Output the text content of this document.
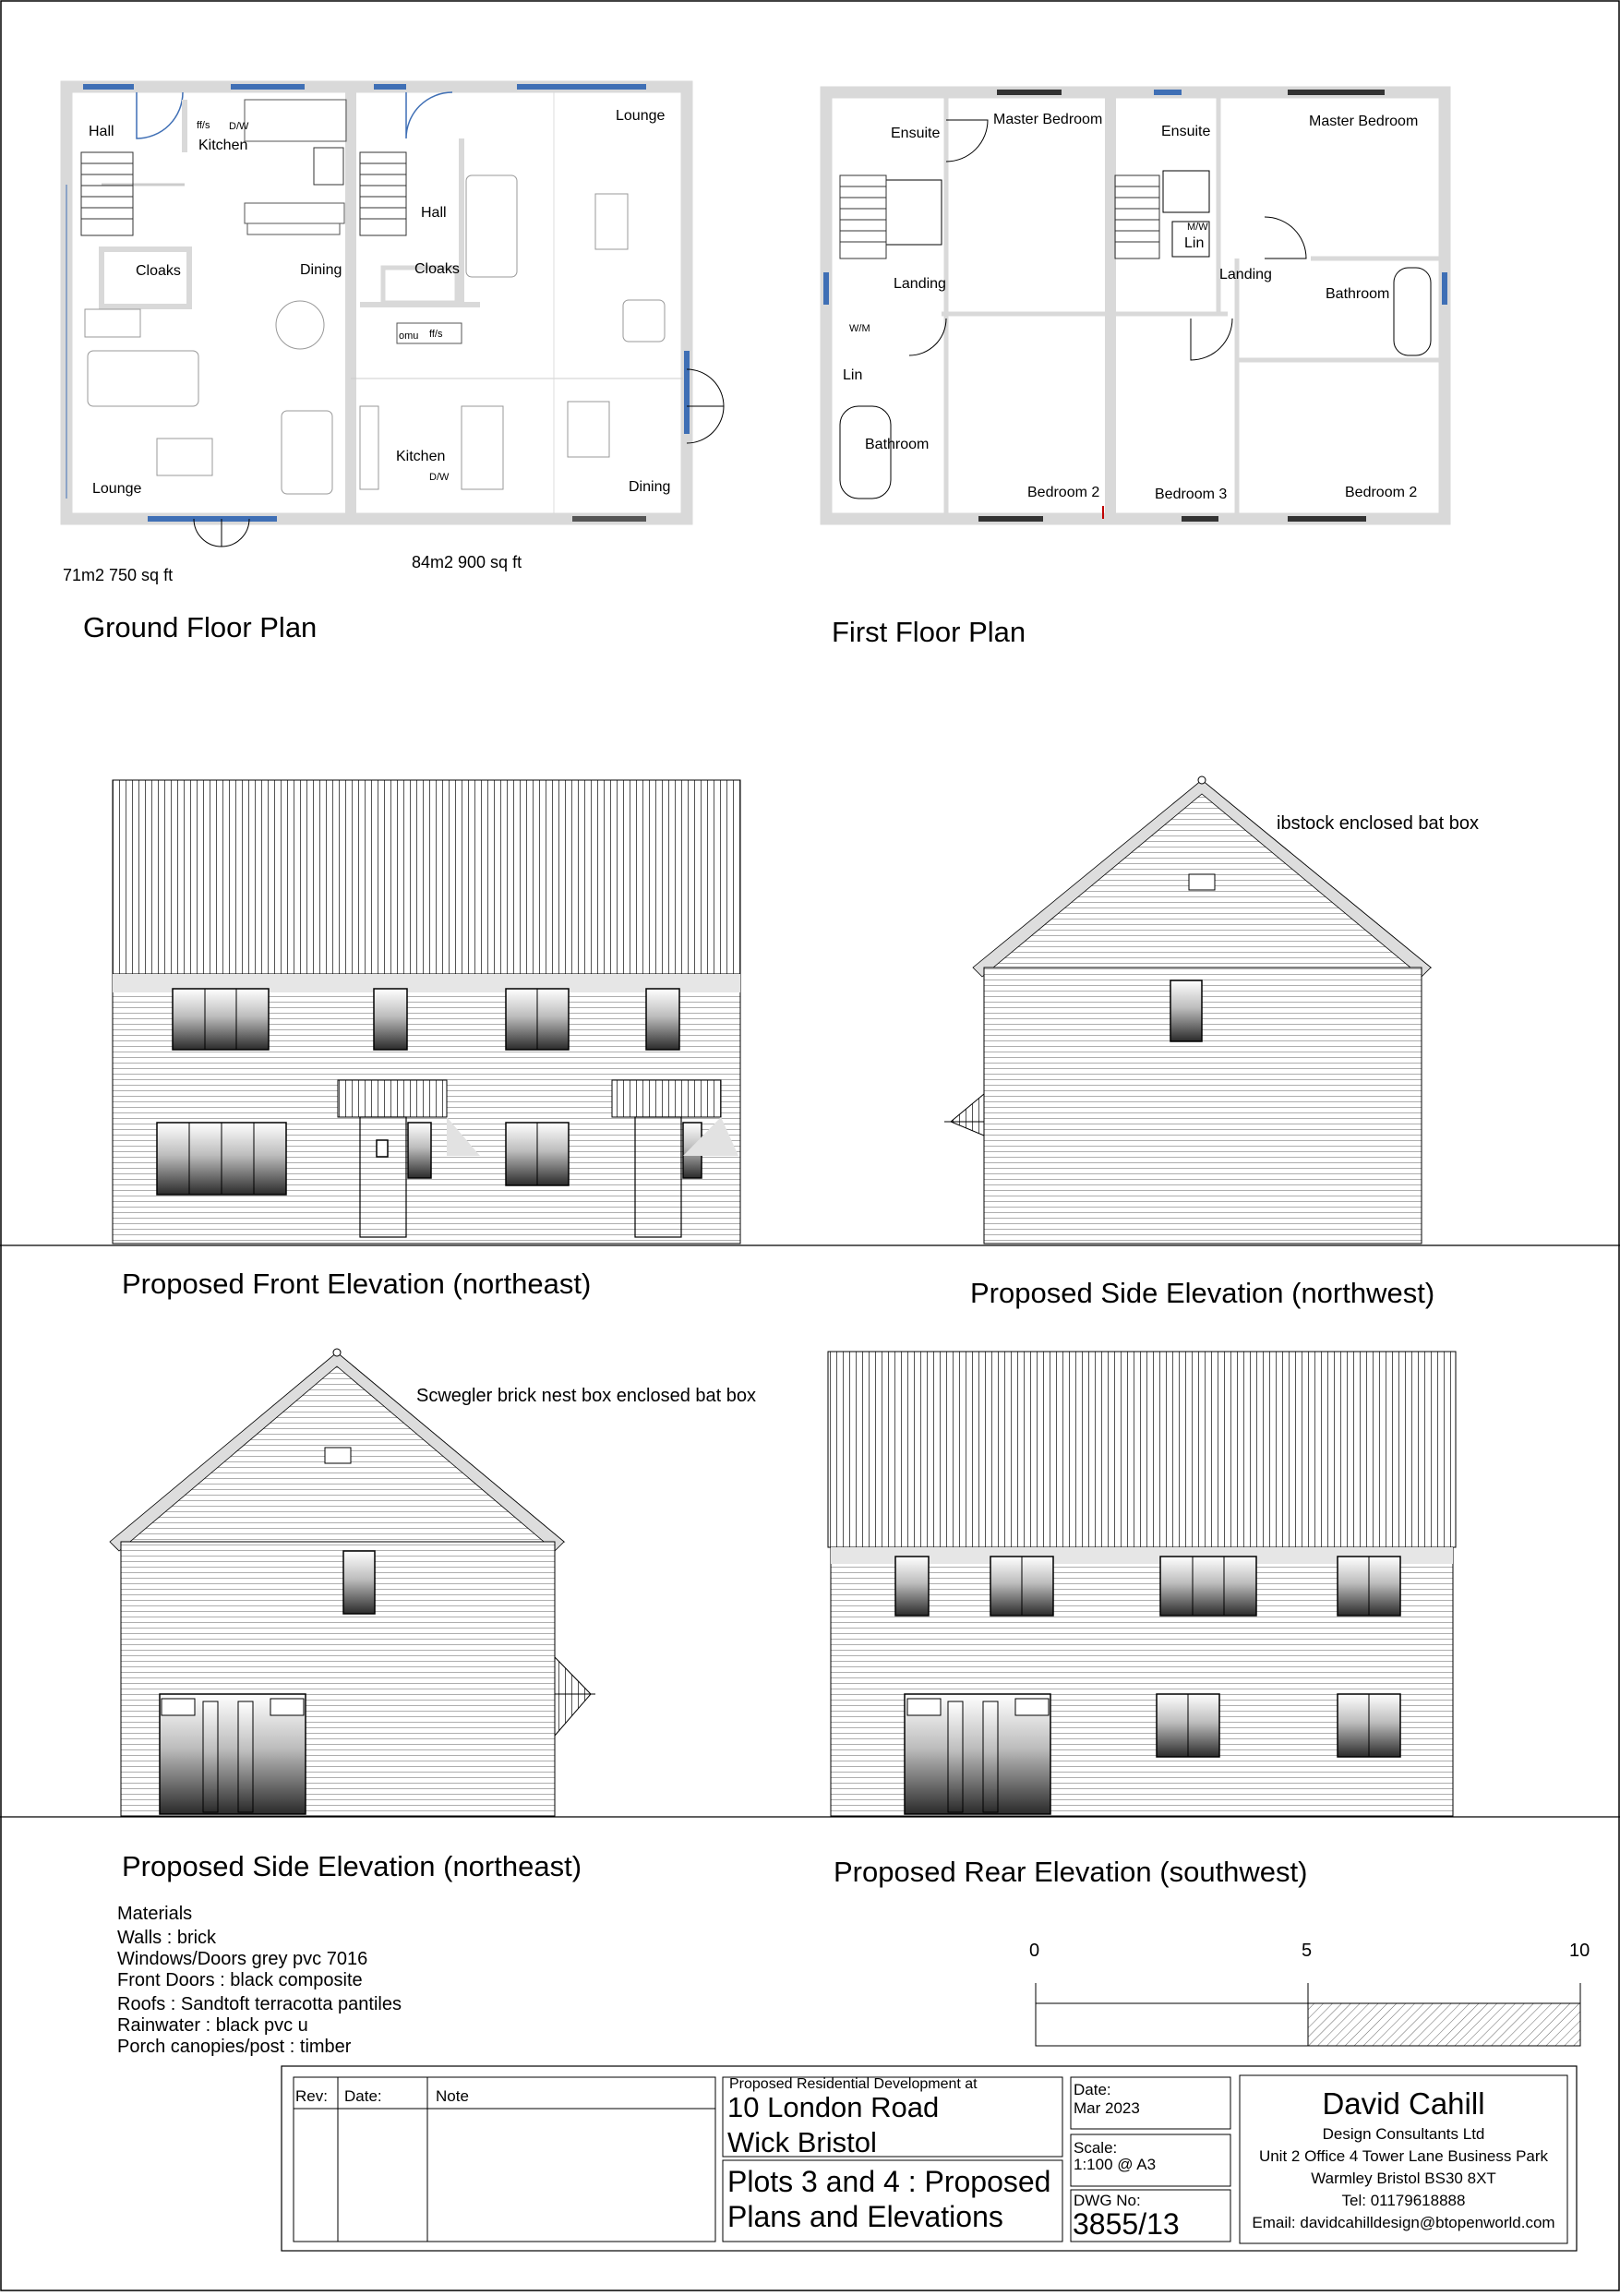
Ground Floor Plan
71m2 750 sq ft
84m2 900 sq ft
Hall
Kitchen
ff/s D/W
Cloaks	Dining
Lounge
Lounge
Hall
Cloaks
omu ff/s
Kitchen
D/W
Dining
First Floor Plan
Ensuite
Master Bedroom
Landing
W/M
Lin
Bathroom
Bedroom 2
Ensuite
Master Bedroom
M/W
Lin
Landing
Bathroom
Bedroom 3	Bedroom 2
Proposed Front Elevation (northeast)	Proposed Side Elevation (northwest)
Proposed Side Elevation (northeast)	Proposed Rear Elevation (southwest)
ibstock enclosed bat box
Scwegler brick nest box enclosed bat box
Materials
Walls : brick
Windows/Doors grey pvc 7016
Front Doors : black composite
Roofs : Sandtoft terracotta pantiles
Rainwater : black pvc u
Porch canopies/post : timber
0	5	10
Rev: Date:	Note
Proposed Residential Development at
10 London Road
Wick Bristol
Plots 3 and 4 : Proposed
Plans and Elevations
Date:
Mar 2023
Scale:
1:100 @ A3
DWG No:
3855/13
David Cahill
Design Consultants Ltd
Unit 2 Office 4 Tower Lane Business Park
Warmley Bristol BS30 8XT
Tel: 01179618888
Email: davidcahilldesign@btopenworld.com
